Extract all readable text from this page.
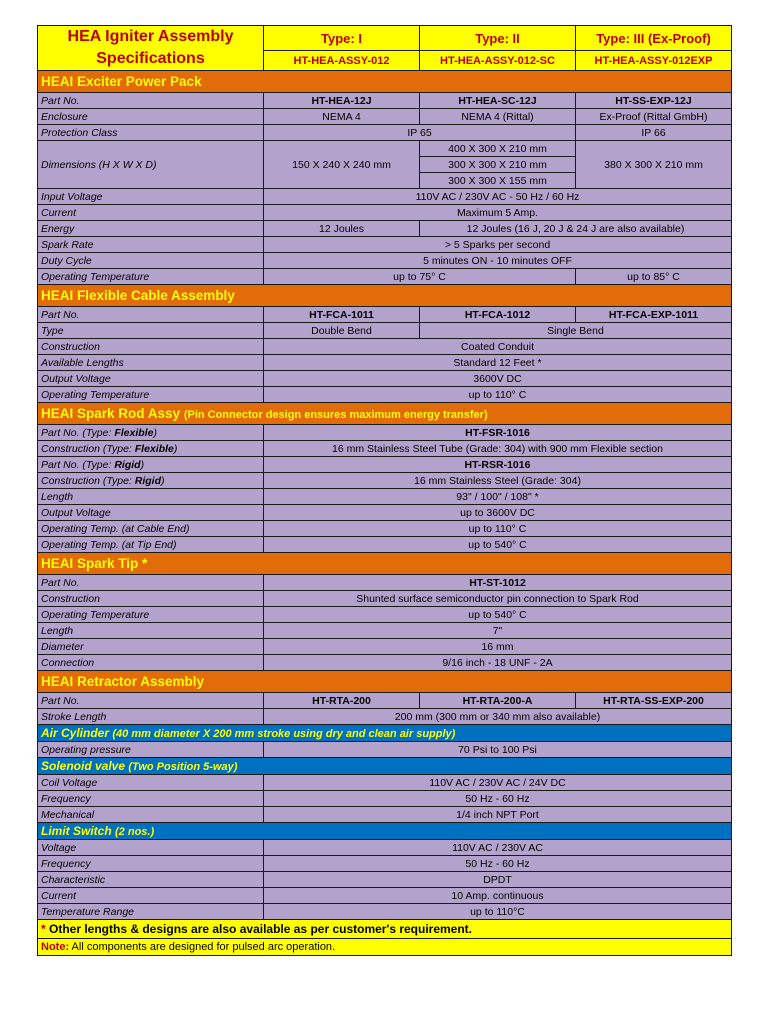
HEA Igniter Assembly
Specifications	Type: I	Type: II	Type: III (Ex-Proof)
	HT-HEA-ASSY-012	HT-HEA-ASSY-012-SC	HT-HEA-ASSY-012EXP
HEAI Exciter Power Pack			
Part No.	HT-HEA-12J	HT-HEA-SC-12J	HT-SS-EXP-12J
Enclosure	NEMA 4	NEMA 4 (Rittal)	Ex-Proof (Rittal GmbH)
Protection Class	IP 65		IP 66
Dimensions (H X W X D)	150 X 240 X 240 mm	400 X 300 X 210 mm	380 X 300 X 210 mm
		300 X 300 X 210 mm	
		300 X 300 X 155 mm	
Input Voltage	110V AC / 230V AC - 50 Hz / 60 Hz		
Current	Maximum 5 Amp.		
Energy	12 Joules	12 Joules (16 J, 20 J & 24 J are also available)	
Spark Rate	> 5 Sparks per second		
Duty Cycle	5 minutes ON - 10 minutes OFF		
Operating Temperature	up to 75° C		up to 85° C
HEAI Flexible Cable Assembly			
Part No.	HT-FCA-1011	HT-FCA-1012	HT-FCA-EXP-1011
Type	Double Bend	Single Bend	
Construction	Coated Conduit		
Available Lengths	Standard 12 Feet *		
Output Voltage	3600V DC		
Operating Temperature	up to 110° C		
HEAI Spark Rod Assy (Pin Connector design ensures maximum energy transfer)			
Part No. (Type: Flexible)	HT-FSR-1016		
Construction (Type: Flexible)	16 mm Stainless Steel Tube (Grade: 304) with 900 mm Flexible section		
Part No. (Type: Rigid)	HT-RSR-1016		
Construction (Type: Rigid)	16 mm Stainless Steel (Grade: 304)		
Length	93" / 100" / 108" *		
Output Voltage	up to 3600V DC		
Operating Temp. (at Cable End)	up to 110° C		
Operating Temp. (at Tip End)	up to 540° C		
HEAI Spark Tip *			
Part No.	HT-ST-1012		
Construction	Shunted surface semiconductor pin connection to Spark Rod		
Operating Temperature	up to 540° C		
Length	7"		
Diameter	16 mm		
Connection	9/16 inch - 18 UNF - 2A		
HEAI Retractor Assembly			
Part No.	HT-RTA-200	HT-RTA-200-A	HT-RTA-SS-EXP-200
Stroke Length	200 mm (300 mm or 340 mm also available)		
Air Cylinder (40 mm diameter X 200 mm stroke using dry and clean air supply)			
Operating pressure	70 Psi to 100 Psi		
Solenoid valve (Two Position 5-way)			
Coil Voltage	110V AC / 230V AC / 24V DC		
Frequency	50 Hz - 60 Hz		
Mechanical	1/4 inch NPT Port		
Limit Switch (2 nos.)			
Voltage	110V AC / 230V AC		
Frequency	50 Hz - 60 Hz		
Characteristic	DPDT		
Current	10 Amp. continuous		
Temperature Range	up to 110°C		
* Other lengths & designs are also available as per customer's requirement.			
Note: All components are designed for pulsed arc operation.			
